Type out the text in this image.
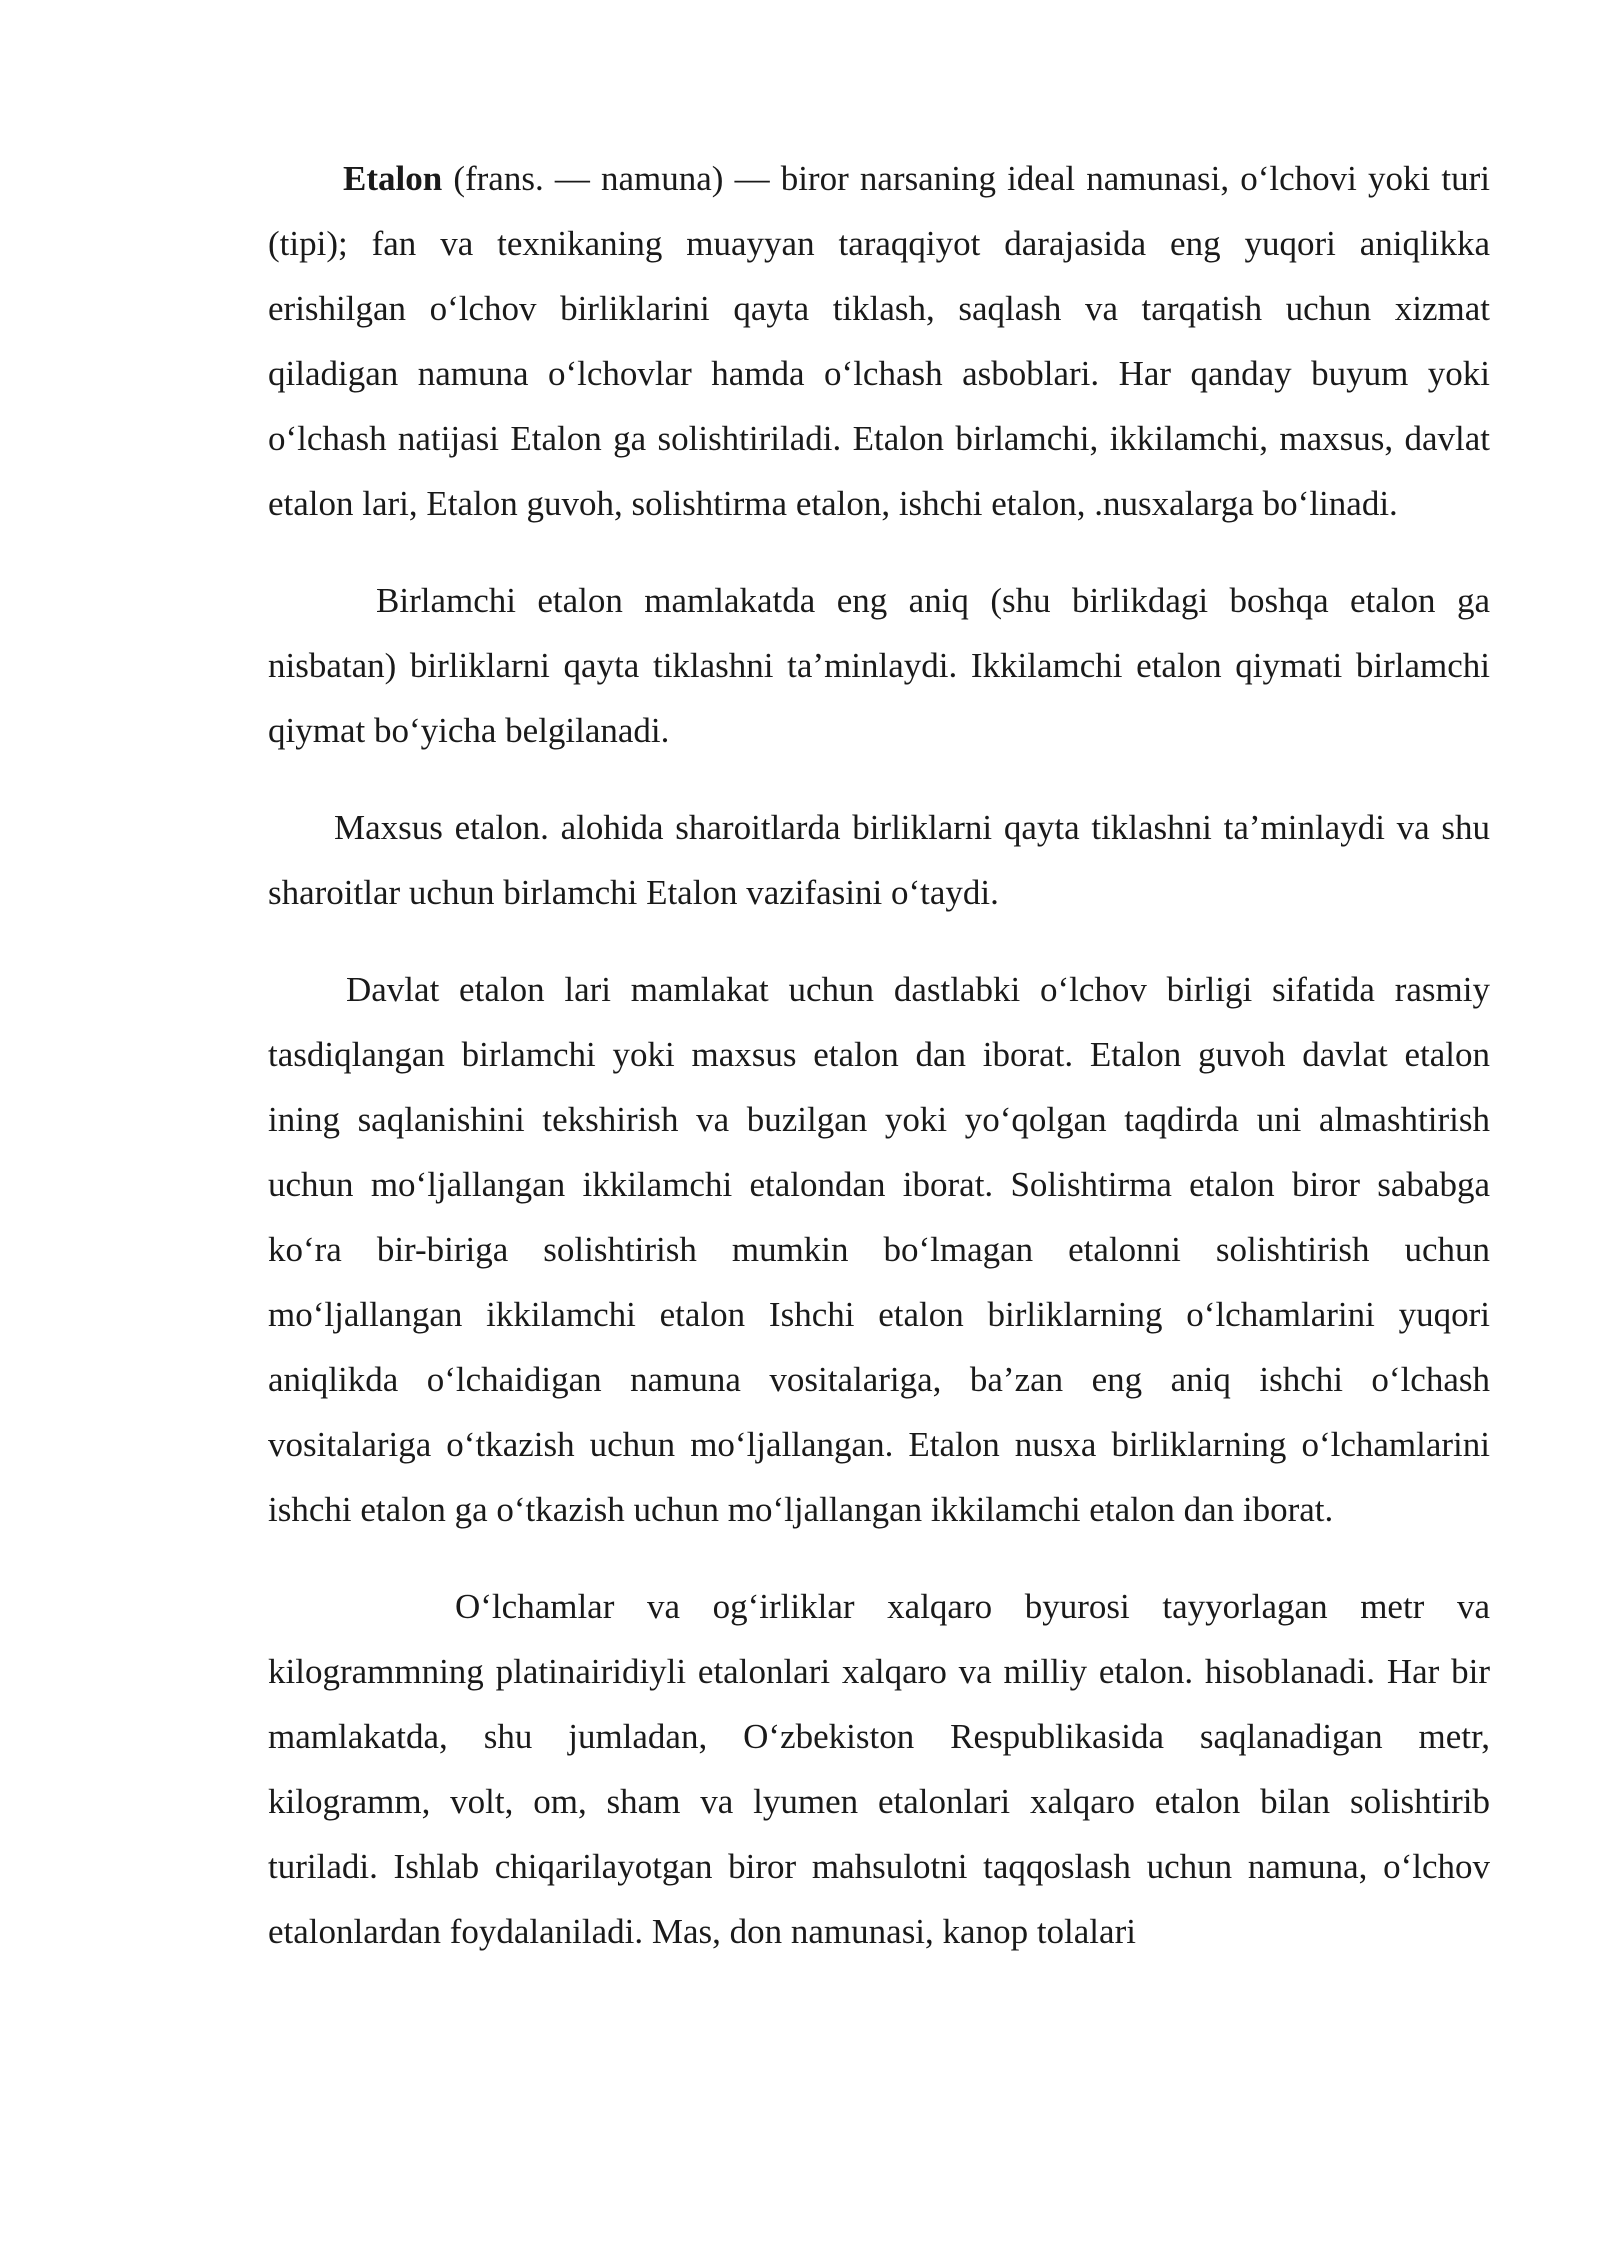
Etalon (frans. — namuna) — biror narsaning ideal namunasi, o‘lchovi yoki turi (tipi); fan va texnikaning muayyan taraqqiyot darajasida eng yuqori aniqlikka erishilgan o‘lchov birliklarini qayta tiklash, saqlash va tarqatish uchun xizmat qiladigan namuna o‘lchovlar hamda o‘lchash asboblari. Har qanday buyum yoki o‘lchash natijasi Etalon ga solishtiriladi. Etalon birlamchi, ikkilamchi, maxsus, davlat etalon lari, Etalon guvoh, solishtirma etalon, ishchi etalon, .nusxalarga bo‘linadi.

Birlamchi etalon mamlakatda eng aniq (shu birlikdagi boshqa etalon ga nisbatan) birliklarni qayta tiklashni ta’minlaydi. Ikkilamchi etalon qiymati birlamchi qiymat bo‘yicha belgilanadi.

Maxsus etalon. alohida sharoitlarda birliklarni qayta tiklashni ta’minlaydi va shu sharoitlar uchun birlamchi Etalon vazifasini o‘taydi.

Davlat etalon lari mamlakat uchun dastlabki o‘lchov birligi sifatida rasmiy tasdiqlangan birlamchi yoki maxsus etalon dan iborat. Etalon guvoh davlat etalon ining saqlanishini tekshirish va buzilgan yoki yo‘qolgan taqdirda uni almashtirish uchun mo‘ljallangan ikkilamchi etalondan iborat. Solishtirma etalon biror sababga ko‘ra bir-biriga solishtirish mumkin bo‘lmagan etalonni solishtirish uchun mo‘ljallangan ikkilamchi etalon Ishchi etalon birliklarning o‘lchamlarini yuqori aniqlikda o‘lchaidigan namuna vositalariga, ba’zan eng aniq ishchi o‘lchash vositalariga o‘tkazish uchun mo‘ljallangan. Etalon nusxa birliklarning o‘lchamlarini ishchi etalon ga o‘tkazish uchun mo‘ljallangan ikkilamchi etalon dan iborat.

O‘lchamlar va og‘irliklar xalqaro byurosi tayyorlagan metr va kilogrammning platinairidiyli etalonlari xalqaro va milliy etalon. hisoblanadi. Har bir mamlakatda, shu jumladan, O‘zbekiston Respublikasida saqlanadigan metr, kilogramm, volt, om, sham va lyumen etalonlari xalqaro etalon bilan solishtirib turiladi. Ishlab chiqarilayotgan biror mahsulotni taqqoslash uchun namuna, o‘lchov etalonlardan foydalaniladi. Mas, don namunasi, kanop tolalari
